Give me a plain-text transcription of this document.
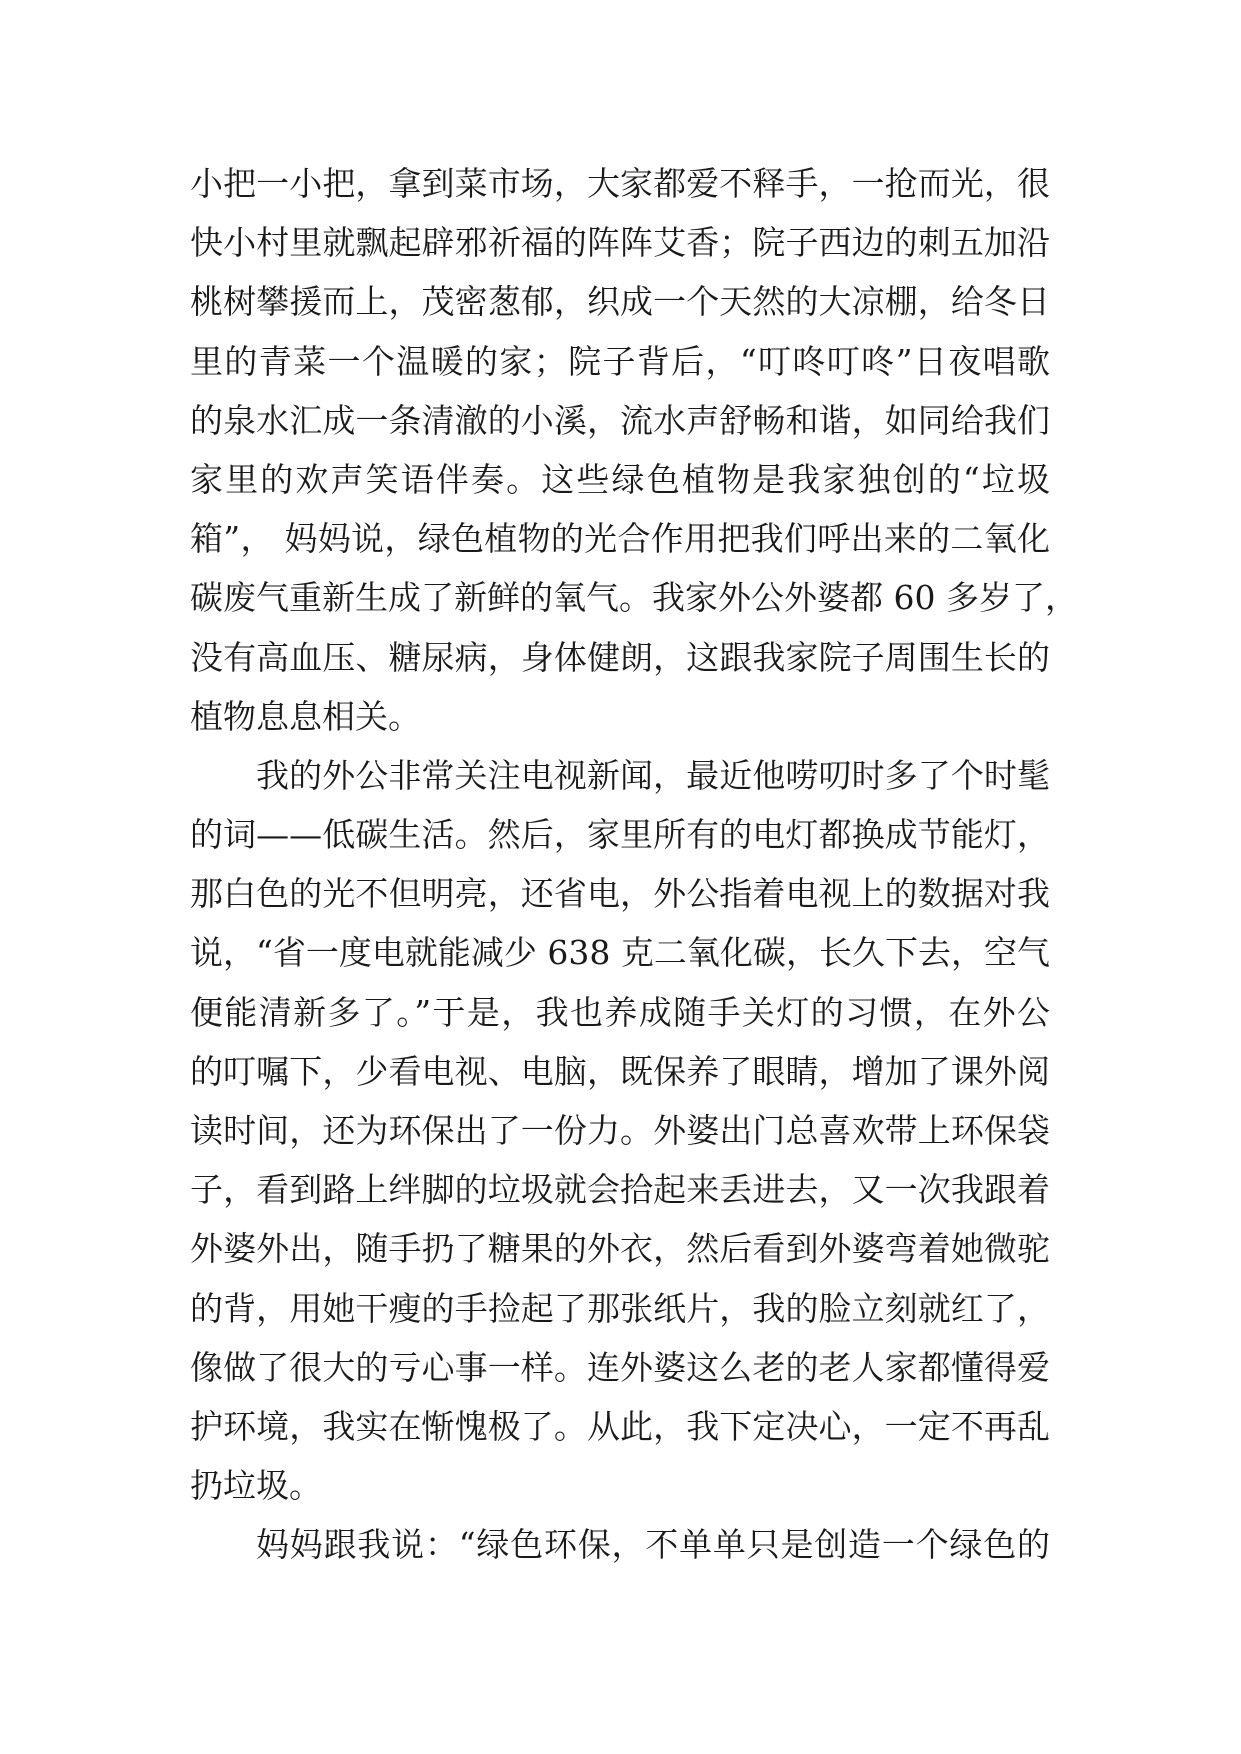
小把一小把，拿到菜市场，大家都爱不释手，一抢而光，很
快小村里就飘起辟邪祈福的阵阵艾香；院子西边的刺五加沿
桃树攀援而上，茂密葱郁，织成一个天然的大凉棚，给冬日
里的青菜一个温暖的家；院子背后，“叮咚叮咚”日夜唱歌
的泉水汇成一条清澈的小溪，流水声舒畅和谐，如同给我们
家里的欢声笑语伴奏。这些绿色植物是我家独创的“垃圾
箱”， 妈妈说，绿色植物的光合作用把我们呼出来的二氧化
碳废气重新生成了新鲜的氧气。我家外公外婆都 60 多岁了，
没有高血压、糖尿病，身体健朗，这跟我家院子周围生长的
植物息息相关。
我的外公非常关注电视新闻，最近他唠叨时多了个时髦
的词——低碳生活。然后，家里所有的电灯都换成节能灯，
那白色的光不但明亮，还省电，外公指着电视上的数据对我
说，“省一度电就能减少 638 克二氧化碳，长久下去，空气
便能清新多了。”于是，我也养成随手关灯的习惯，在外公
的叮嘱下，少看电视、电脑，既保养了眼睛，增加了课外阅
读时间，还为环保出了一份力。外婆出门总喜欢带上环保袋
子，看到路上绊脚的垃圾就会拾起来丢进去，又一次我跟着
外婆外出，随手扔了糖果的外衣，然后看到外婆弯着她微驼
的背，用她干瘦的手捡起了那张纸片，我的脸立刻就红了，
像做了很大的亏心事一样。连外婆这么老的老人家都懂得爱
护环境，我实在惭愧极了。从此，我下定决心，一定不再乱
扔垃圾。
妈妈跟我说：“绿色环保，不单单只是创造一个绿色的
